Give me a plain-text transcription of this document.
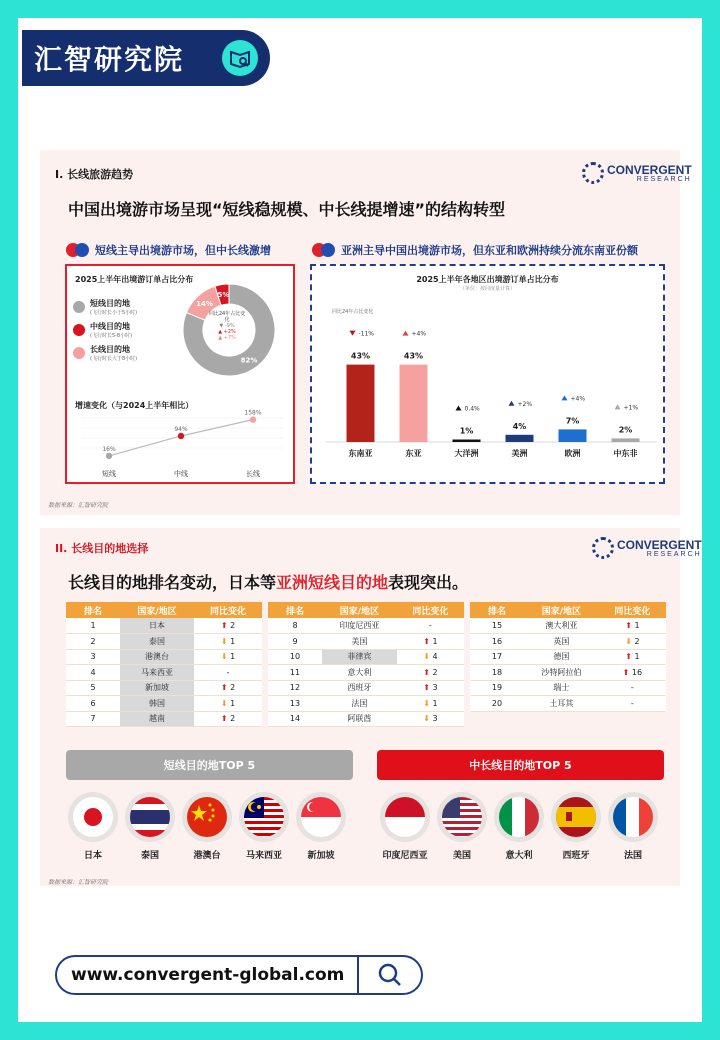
汇智研究院
I. 长线旅游趋势	CONVERGENT
RESEARCH
中国出境游市场呈现“短线稳规模、中长线提增速”的结构转型
短线主导出境游市场，但中长线激增	亚洲主导中国出境游市场，但东亚和欧洲持续分流东南亚份额
2025上半年出境游订单占比分布
短线目的地
(飞行时长小于5小时)
中线目的地
(飞行时长5-8小时)
长线目的地
(飞行时长大于8小时)	82%
14%
5%
同比24年占比变化
▼ -9%
▲ +2%
▲ +7%
增速变化（与2024上半年相比）
16%
短线
94%
中线
158%
长线
2025上半年各地区出境游订单占比分布
（单位：按同度量计算）
同比24年占比变化
43%
-11%
东南亚
43%
+4%
东亚
1%
0.4%
大洋洲
4%
+2%
美洲
7%
+4%
欧洲
2%
+1%
中东非
数据来源：汇智研究院
II. 长线目的地选择	CONVERGENT
RESEARCH
长线目的地排名变动，日本等亚洲短线目的地表现突出。
排名	国家/地区	同比变化
1	日本	⬆ 2
2	泰国	⬇ 1
3	港澳台	⬇ 1
4	马来西亚	-
5	新加坡	⬆ 2
6	韩国	⬇ 1
7	越南	⬆ 2
排名	国家/地区	同比变化
8	印度尼西亚	-
9	美国	⬆ 1
10	菲律宾	⬇ 4
11	意大利	⬆ 2
12	西班牙	⬆ 3
13	法国	⬇ 1
14	阿联酋	⬇ 3
排名	国家/地区	同比变化
15	澳大利亚	⬆ 1
16	英国	⬇ 2
17	德国	⬆ 1
18	沙特阿拉伯	⬆ 16
19	瑞士	-
20	土耳其	-
短线目的地TOP 5	中长线目的地TOP 5
日本	泰国	港澳台	马来西亚	新加坡	印度尼西亚	美国	意大利	西班牙	法国
数据来源：汇智研究院
www.convergent-global.com
